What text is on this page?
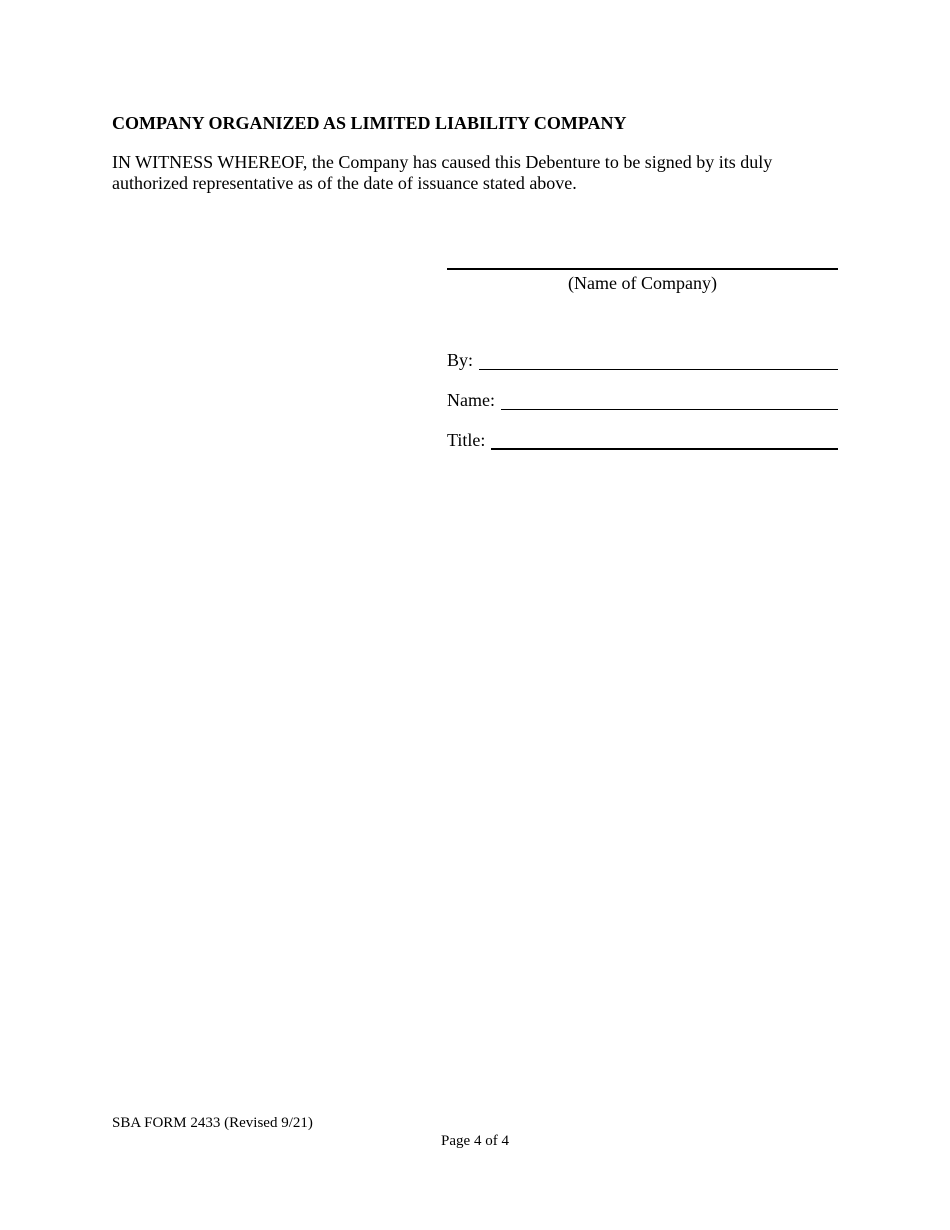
COMPANY ORGANIZED AS LIMITED LIABILITY COMPANY
IN WITNESS WHEREOF, the Company has caused this Debenture to be signed by its duly authorized representative as of the date of issuance stated above.
(Name of Company)
By:
Name:
Title:
SBA FORM 2433 (Revised 9/21)
Page 4 of 4
